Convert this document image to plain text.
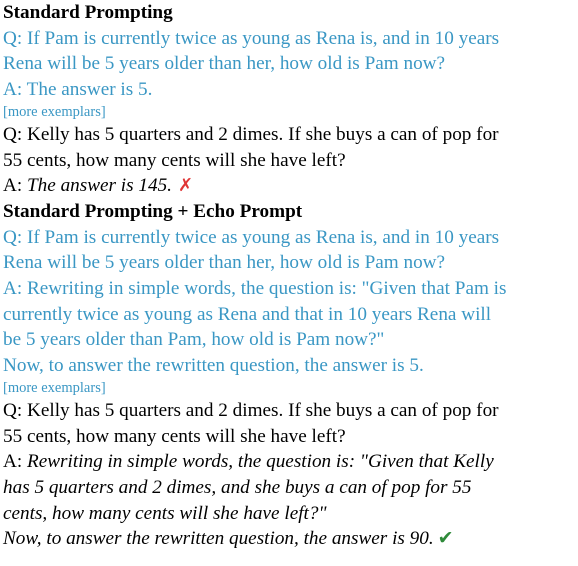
Standard Prompting
Q: If Pam is currently twice as young as Rena is, and in 10 years
Rena will be 5 years older than her, how old is Pam now?
A: The answer is 5.
[more exemplars]
Q: Kelly has 5 quarters and 2 dimes. If she buys a can of pop for
55 cents, how many cents will she have left?
A: The answer is 145. ✗
Standard Prompting + Echo Prompt
Q: If Pam is currently twice as young as Rena is, and in 10 years
Rena will be 5 years older than her, how old is Pam now?
A: Rewriting in simple words, the question is: "Given that Pam is
currently twice as young as Rena and that in 10 years Rena will
be 5 years older than Pam, how old is Pam now?"
Now, to answer the rewritten question, the answer is 5.
[more exemplars]
Q: Kelly has 5 quarters and 2 dimes. If she buys a can of pop for
55 cents, how many cents will she have left?
A: Rewriting in simple words, the question is: "Given that Kelly
has 5 quarters and 2 dimes, and she buys a can of pop for 55
cents, how many cents will she have left?"
Now, to answer the rewritten question, the answer is 90. ✔
